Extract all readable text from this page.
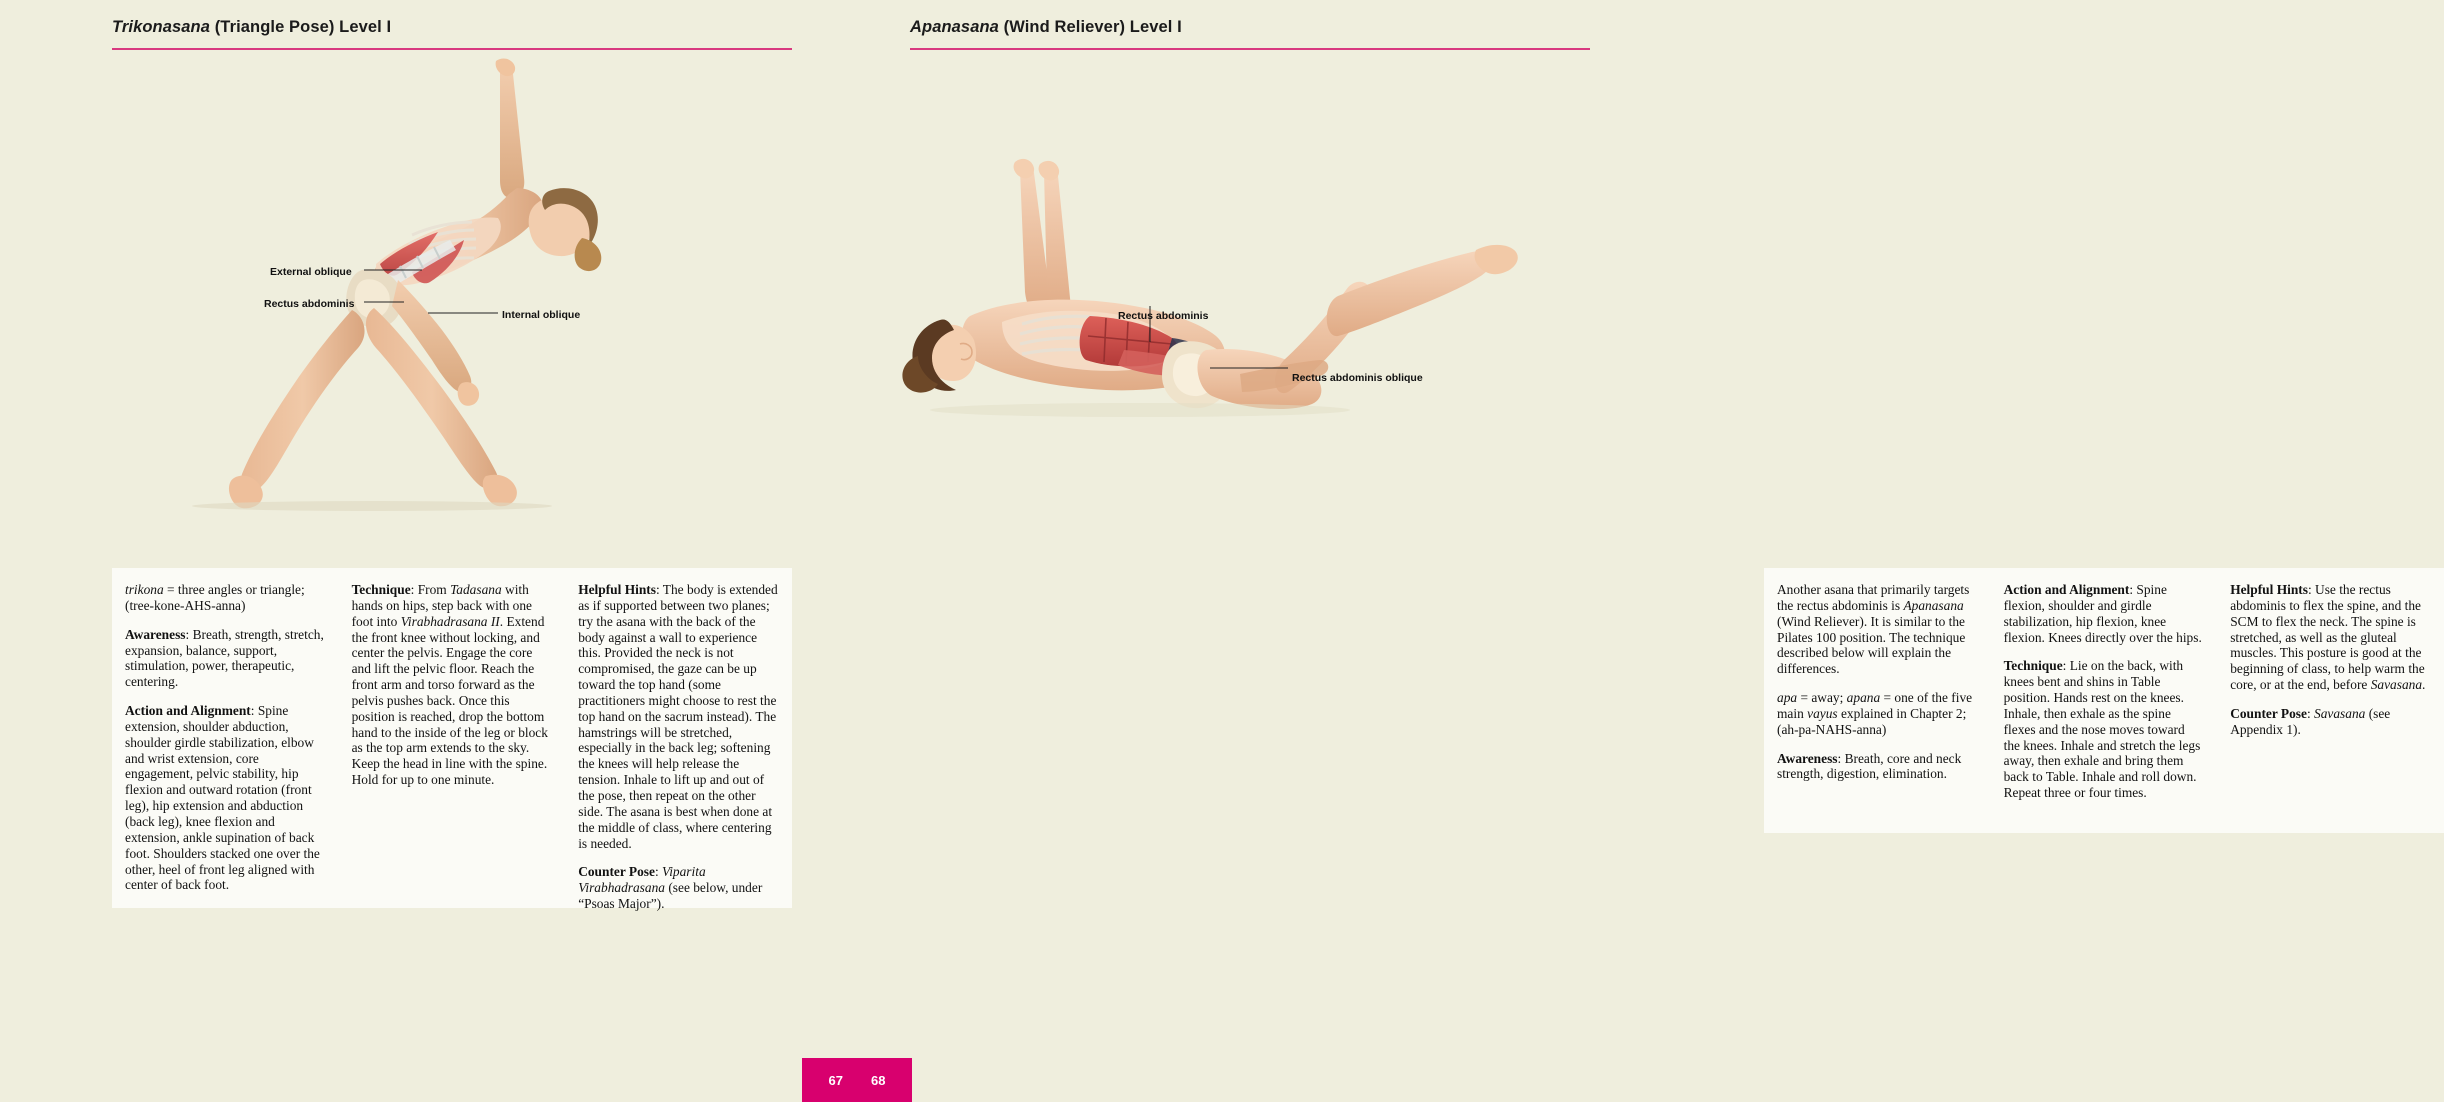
Trikonasana (Triangle Pose) Level I
External oblique
Rectus abdominis
Internal oblique

trikona = three angles or triangle; (tree-kone-AHS-anna)

Awareness: Breath, strength, stretch, expansion, balance, support, stimulation, power, therapeutic, centering.

Action and Alignment: Spine extension, shoulder abduction, shoulder girdle stabilization, elbow and wrist extension, core engagement, pelvic stability, hip flexion and outward rotation (front leg), hip extension and abduction (back leg), knee flexion and extension, ankle supination of back foot. Shoulders stacked one over the other, heel of front leg aligned with center of back foot.

Technique: From Tadasana with hands on hips, step back with one foot into Virabhadrasana II. Extend the front knee without locking, and center the pelvis. Engage the core and lift the pelvic floor. Reach the front arm and torso forward as the pelvis pushes back. Once this position is reached, drop the bottom hand to the inside of the leg or block as the top arm extends to the sky. Keep the head in line with the spine. Hold for up to one minute.

Helpful Hints: The body is extended as if supported between two planes; try the asana with the back of the body against a wall to experience this. Provided the neck is not compromised, the gaze can be up toward the top hand (some practitioners might choose to rest the top hand on the sacrum instead). The hamstrings will be stretched, especially in the back leg; softening the knees will help release the tension. Inhale to lift up and out of the pose, then repeat on the other side. The asana is best when done at the middle of class, where centering is needed.

Counter Pose: Viparita Virabhadrasana (see below, under “Psoas Major”).

Apanasana (Wind Reliever) Level I
Rectus abdominis
Rectus abdominis oblique

Another asana that primarily targets the rectus abdominis is Apanasana (Wind Reliever). It is similar to the Pilates 100 position. The technique described below will explain the differences.

apa = away; apana = one of the five main vayus explained in Chapter 2; (ah-pa-NAHS-anna)

Awareness: Breath, core and neck strength, digestion, elimination.

Action and Alignment: Spine flexion, shoulder and girdle stabilization, hip flexion, knee flexion. Knees directly over the hips.

Technique: Lie on the back, with knees bent and shins in Table position. Hands rest on the knees. Inhale, then exhale as the spine flexes and the nose moves toward the knees. Inhale and stretch the legs away, then exhale and bring them back to Table. Inhale and roll down. Repeat three or four times.

Helpful Hints: Use the rectus abdominis to flex the spine, and the SCM to flex the neck. The spine is stretched, as well as the gluteal muscles. This posture is good at the beginning of class, to help warm the core, or at the end, before Savasana.

Counter Pose: Savasana (see Appendix 1).

67 68
